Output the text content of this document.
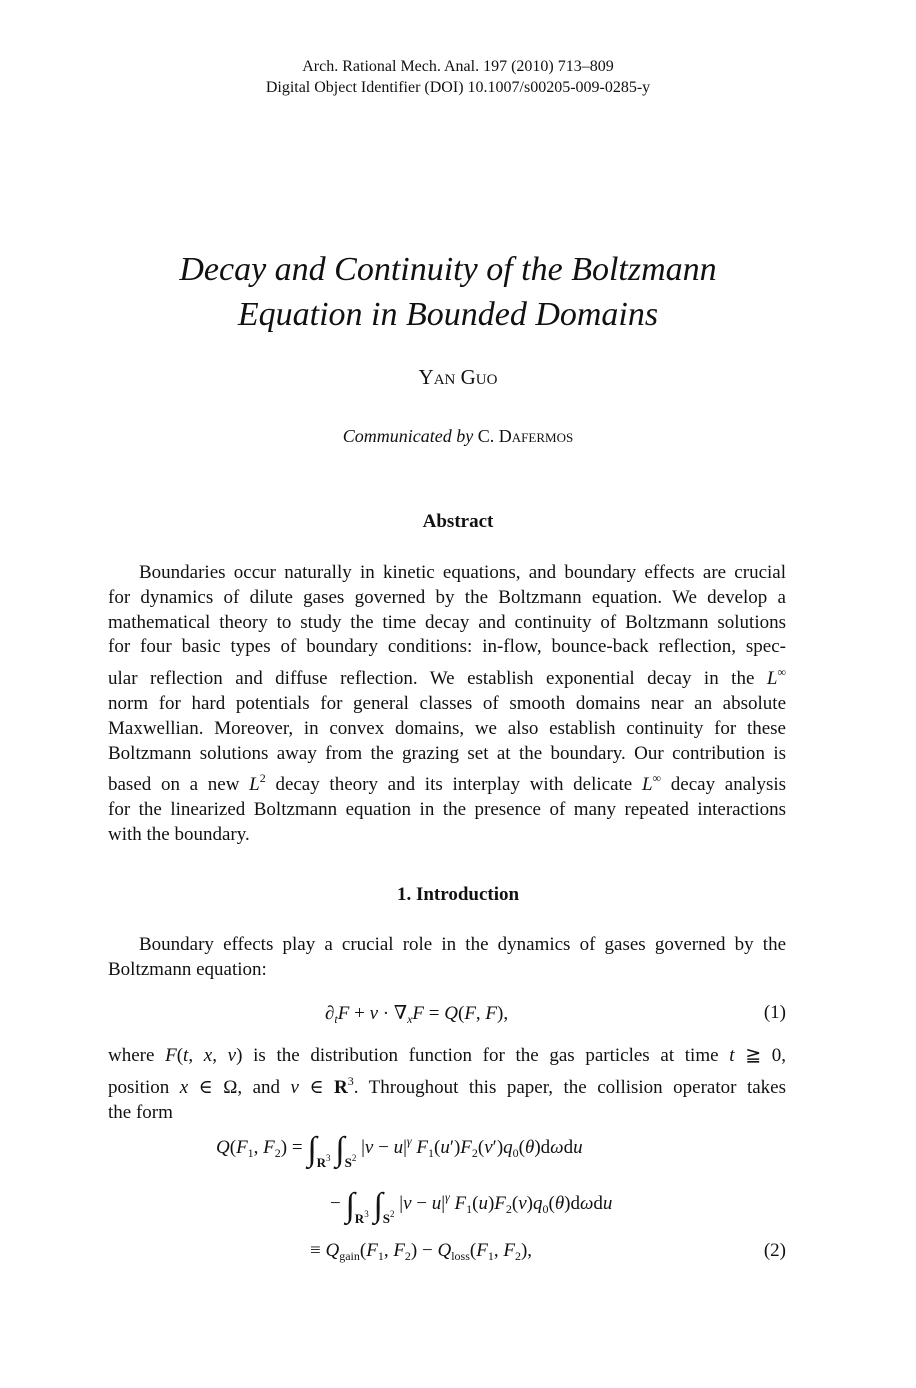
Arch. Rational Mech. Anal. 197 (2010) 713–809
Digital Object Identifier (DOI) 10.1007/s00205-009-0285-y
Decay and Continuity of the Boltzmann
Equation in Bounded Domains
Yan Guo
Communicated by C. Dafermos
Abstract
Boundaries occur naturally in kinetic equations, and boundary effects are crucial
for dynamics of dilute gases governed by the Boltzmann equation. We develop a
mathematical theory to study the time decay and continuity of Boltzmann solutions
for four basic types of boundary conditions: in-flow, bounce-back reflection, spec-
ular reflection and diffuse reflection. We establish exponential decay in the L∞
norm for hard potentials for general classes of smooth domains near an absolute
Maxwellian. Moreover, in convex domains, we also establish continuity for these
Boltzmann solutions away from the grazing set at the boundary. Our contribution is
based on a new $L^2$ decay theory and its interplay with delicate L∞ decay analysis
for the linearized Boltzmann equation in the presence of many repeated interactions
with the boundary.
1. Introduction
Boundary effects play a crucial role in the dynamics of gases governed by the
Boltzmann equation:
$\partial_tF + v \cdot \nabla_xF = Q(F$, F),	(1)
where F(t, x, v) is the distribution function for the gas particles at time t ≧ 0,
position x ∈ Ω, and v ∈ $R^3$. Throughout this paper, the collision operator takes
the form
$Q(F_1$, $F_2) = \int_{R3}$ $\int_{S2}$ $|v - u|^\gamma$ $F_1(u')F_2(v')q_0(\theta)d\omega du$
− $\int_{R3}$ $\int_{S2}$ $|v - u|^\gamma$ $F_1(u)F_2(v)q_0(\theta)d\omega du$
≡ $Q_{gain}(F_1$, $F_2) - Q_{loss}(F_1$, $F_2$),	(2)
